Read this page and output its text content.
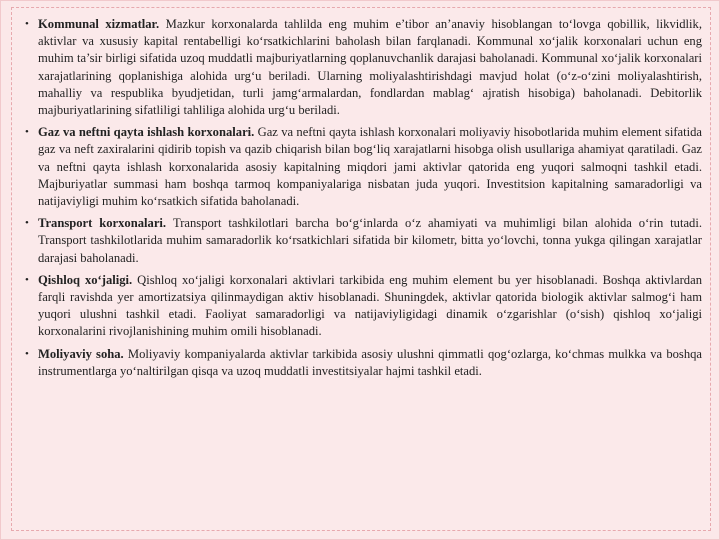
• Kommunal xizmatlar. Mazkur korxonalarda tahlilda eng muhim e’tibor an’anaviy hisoblangan to‘lovga qobillik, likvidlik, aktivlar va xususiy kapital rentabelligi ko‘rsatkichlarini baholash bilan farqlanadi. Kommunal xo‘jalik korxonalari uchun eng muhim ta’sir birligi sifatida uzoq muddatli majburiyatlarning qoplanuvchanlik darajasi baholanadi. Kommunal xo‘jalik korxonalari xarajatlarining qoplanishiga alohida urg‘u beriladi. Ularning moliyalashtirishdagi mavjud holat (o‘z-o‘zini moliyalashtirish, mahalliy va respublika byudjetidan, turli jamg‘armalardan, fondlardan mablag‘ ajratish hisobiga) baholanadi. Debitorlik majburiyatlarining sifatliligi tahliliga alohida urg‘u beriladi.
• Gaz va neftni qayta ishlash korxonalari. Gaz va neftni qayta ishlash korxonalari moliyaviy hisobotlarida muhim element sifatida gaz va neft zaxiralarini qidirib topish va qazib chiqarish bilan bog‘liq xarajatlarni hisobga olish usullariga ahamiyat qaratiladi. Gaz va neftni qayta ishlash korxonalarida asosiy kapitalning miqdori jami aktivlar qatorida eng yuqori salmoqni tashkil etadi. Majburiyatlar summasi ham boshqa tarmoq kompaniyalariga nisbatan juda yuqori. Investitsion kapitalning samaradorligi va natijaviyligi muhim ko‘rsatkich sifatida baholanadi.
• Transport korxonalari. Transport tashkilotlari barcha bo‘g‘inlarda o‘z ahamiyati va muhimligi bilan alohida o‘rin tutadi. Transport tashkilotlarida muhim samaradorlik ko‘rsatkichlari sifatida bir kilometr, bitta yo‘lovchi, tonna yukga qilingan xarajatlar darajasi baholanadi.
• Qishloq xo‘jaligi. Qishloq xo‘jaligi korxonalari aktivlari tarkibida eng muhim element bu yer hisoblanadi. Boshqa aktivlardan farqli ravishda yer amortizatsiya qilinmaydigan aktiv hisoblanadi. Shuningdek, aktivlar qatorida biologik aktivlar salmog‘i ham yuqori ulushni tashkil etadi. Faoliyat samaradorligi va natijaviyligidagi dinamik o‘zgarishlar (o‘sish) qishloq xo‘jaligi korxonalarini rivojlanishining muhim omili hisoblanadi.
• Moliyaviy soha. Moliyaviy kompaniyalarda aktivlar tarkibida asosiy ulushni qimmatli qog‘ozlarga, ko‘chmas mulkka va boshqa instrumentlarga yo‘naltirilgan qisqa va uzoq muddatli investitsiyalar hajmi tashkil etadi.
